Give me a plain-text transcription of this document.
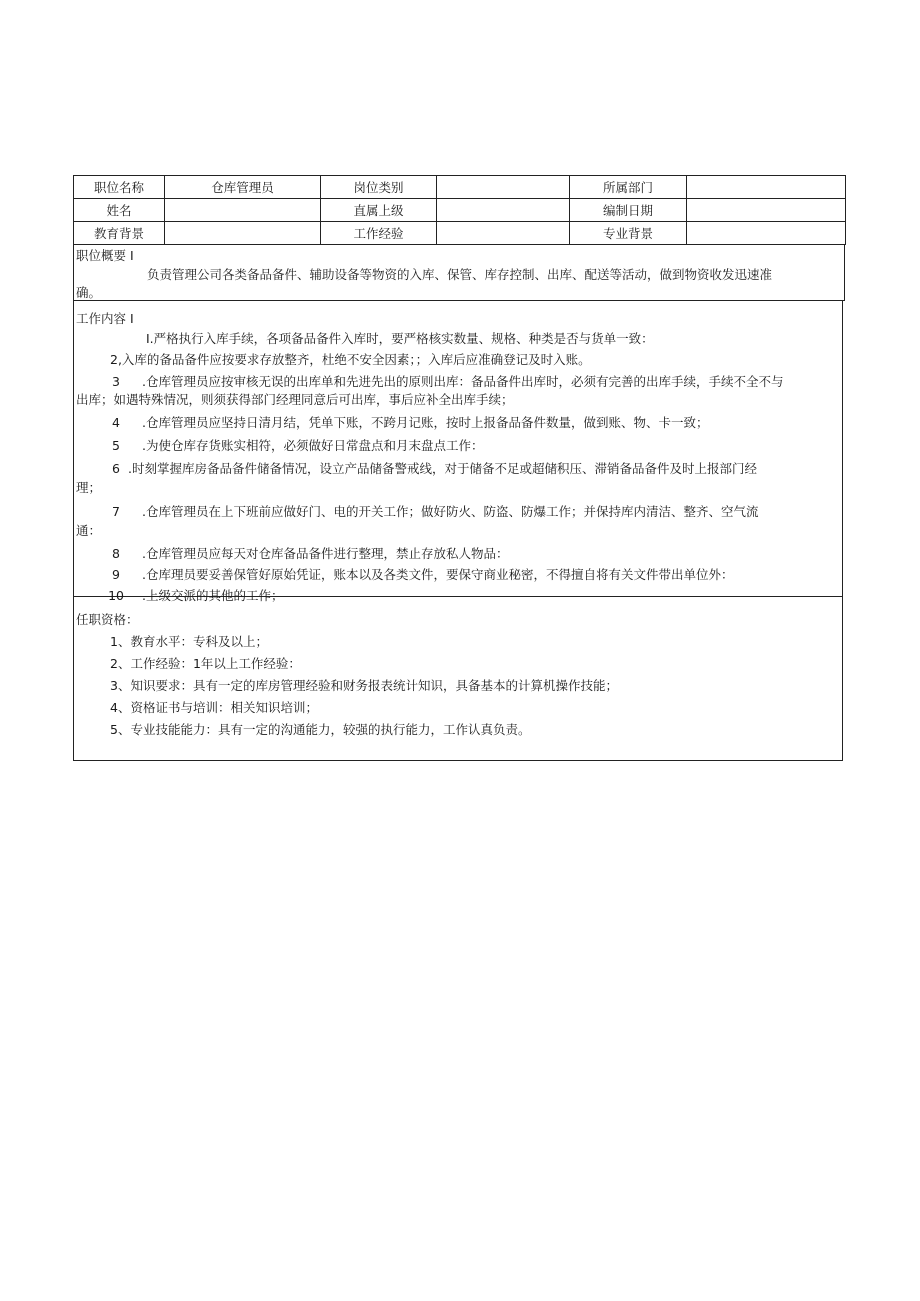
职位名称	仓库管理员	岗位类别		所属部门	
姓名		直属上级		编制日期	
教育背景		工作经验		专业背景	

职位概要 I

负责管理公司各类备品备件、辅助设备等物资的入库、保管、库存控制、出库、配送等活动，做到物资收发迅速准

确。

工作内容 I

I.严格执行入库手续，各项备品备件入库时，要严格核实数量、规格、种类是否与货单一致：
2,入库的备品备件应按要求存放整齐，杜绝不安全因素；；入库后应准确登记及时入账。
3	.仓库管理员应按审核无误的出库单和先进先出的原则出库：备品备件出库时，必须有完善的出库手续，手续不全不与

出库；如遇特殊情况，则须获得部门经理同意后可出库，事后应补全出库手续；

4	.仓库管理员应坚持日清月结，凭单下账，不跨月记账，按时上报备品备件数量，做到账、物、卡一致；
5	.为使仓库存货账实相符，必须做好日常盘点和月末盘点工作：
6 .时刻掌握库房备品备件储备情况，设立产品储备警戒线，对于储备不足或超储积压、滞销备品备件及时上报部门经

理；

7	.仓库管理员在上下班前应做好门、电的开关工作；做好防火、防盗、防爆工作；并保持库内清洁、整齐、空气流

通：

8	.仓库管理员应每天对仓库备品备件进行整理，禁止存放私人物品：
9	.仓库理员要妥善保管好原始凭证，账本以及各类文件，要保守商业秘密，不得擅自将有关文件带出单位外：
10	.上级交派的其他的工作；

任职资格：

1、教育水平：专科及以上；

2、工作经验：1年以上工作经验：

3、知识要求：具有一定的库房管理经验和财务报表统计知识，具备基本的计算机操作技能；

4、资格证书与培训：相关知识培训；

5、专业技能能力：具有一定的沟通能力，较强的执行能力，工作认真负责。
